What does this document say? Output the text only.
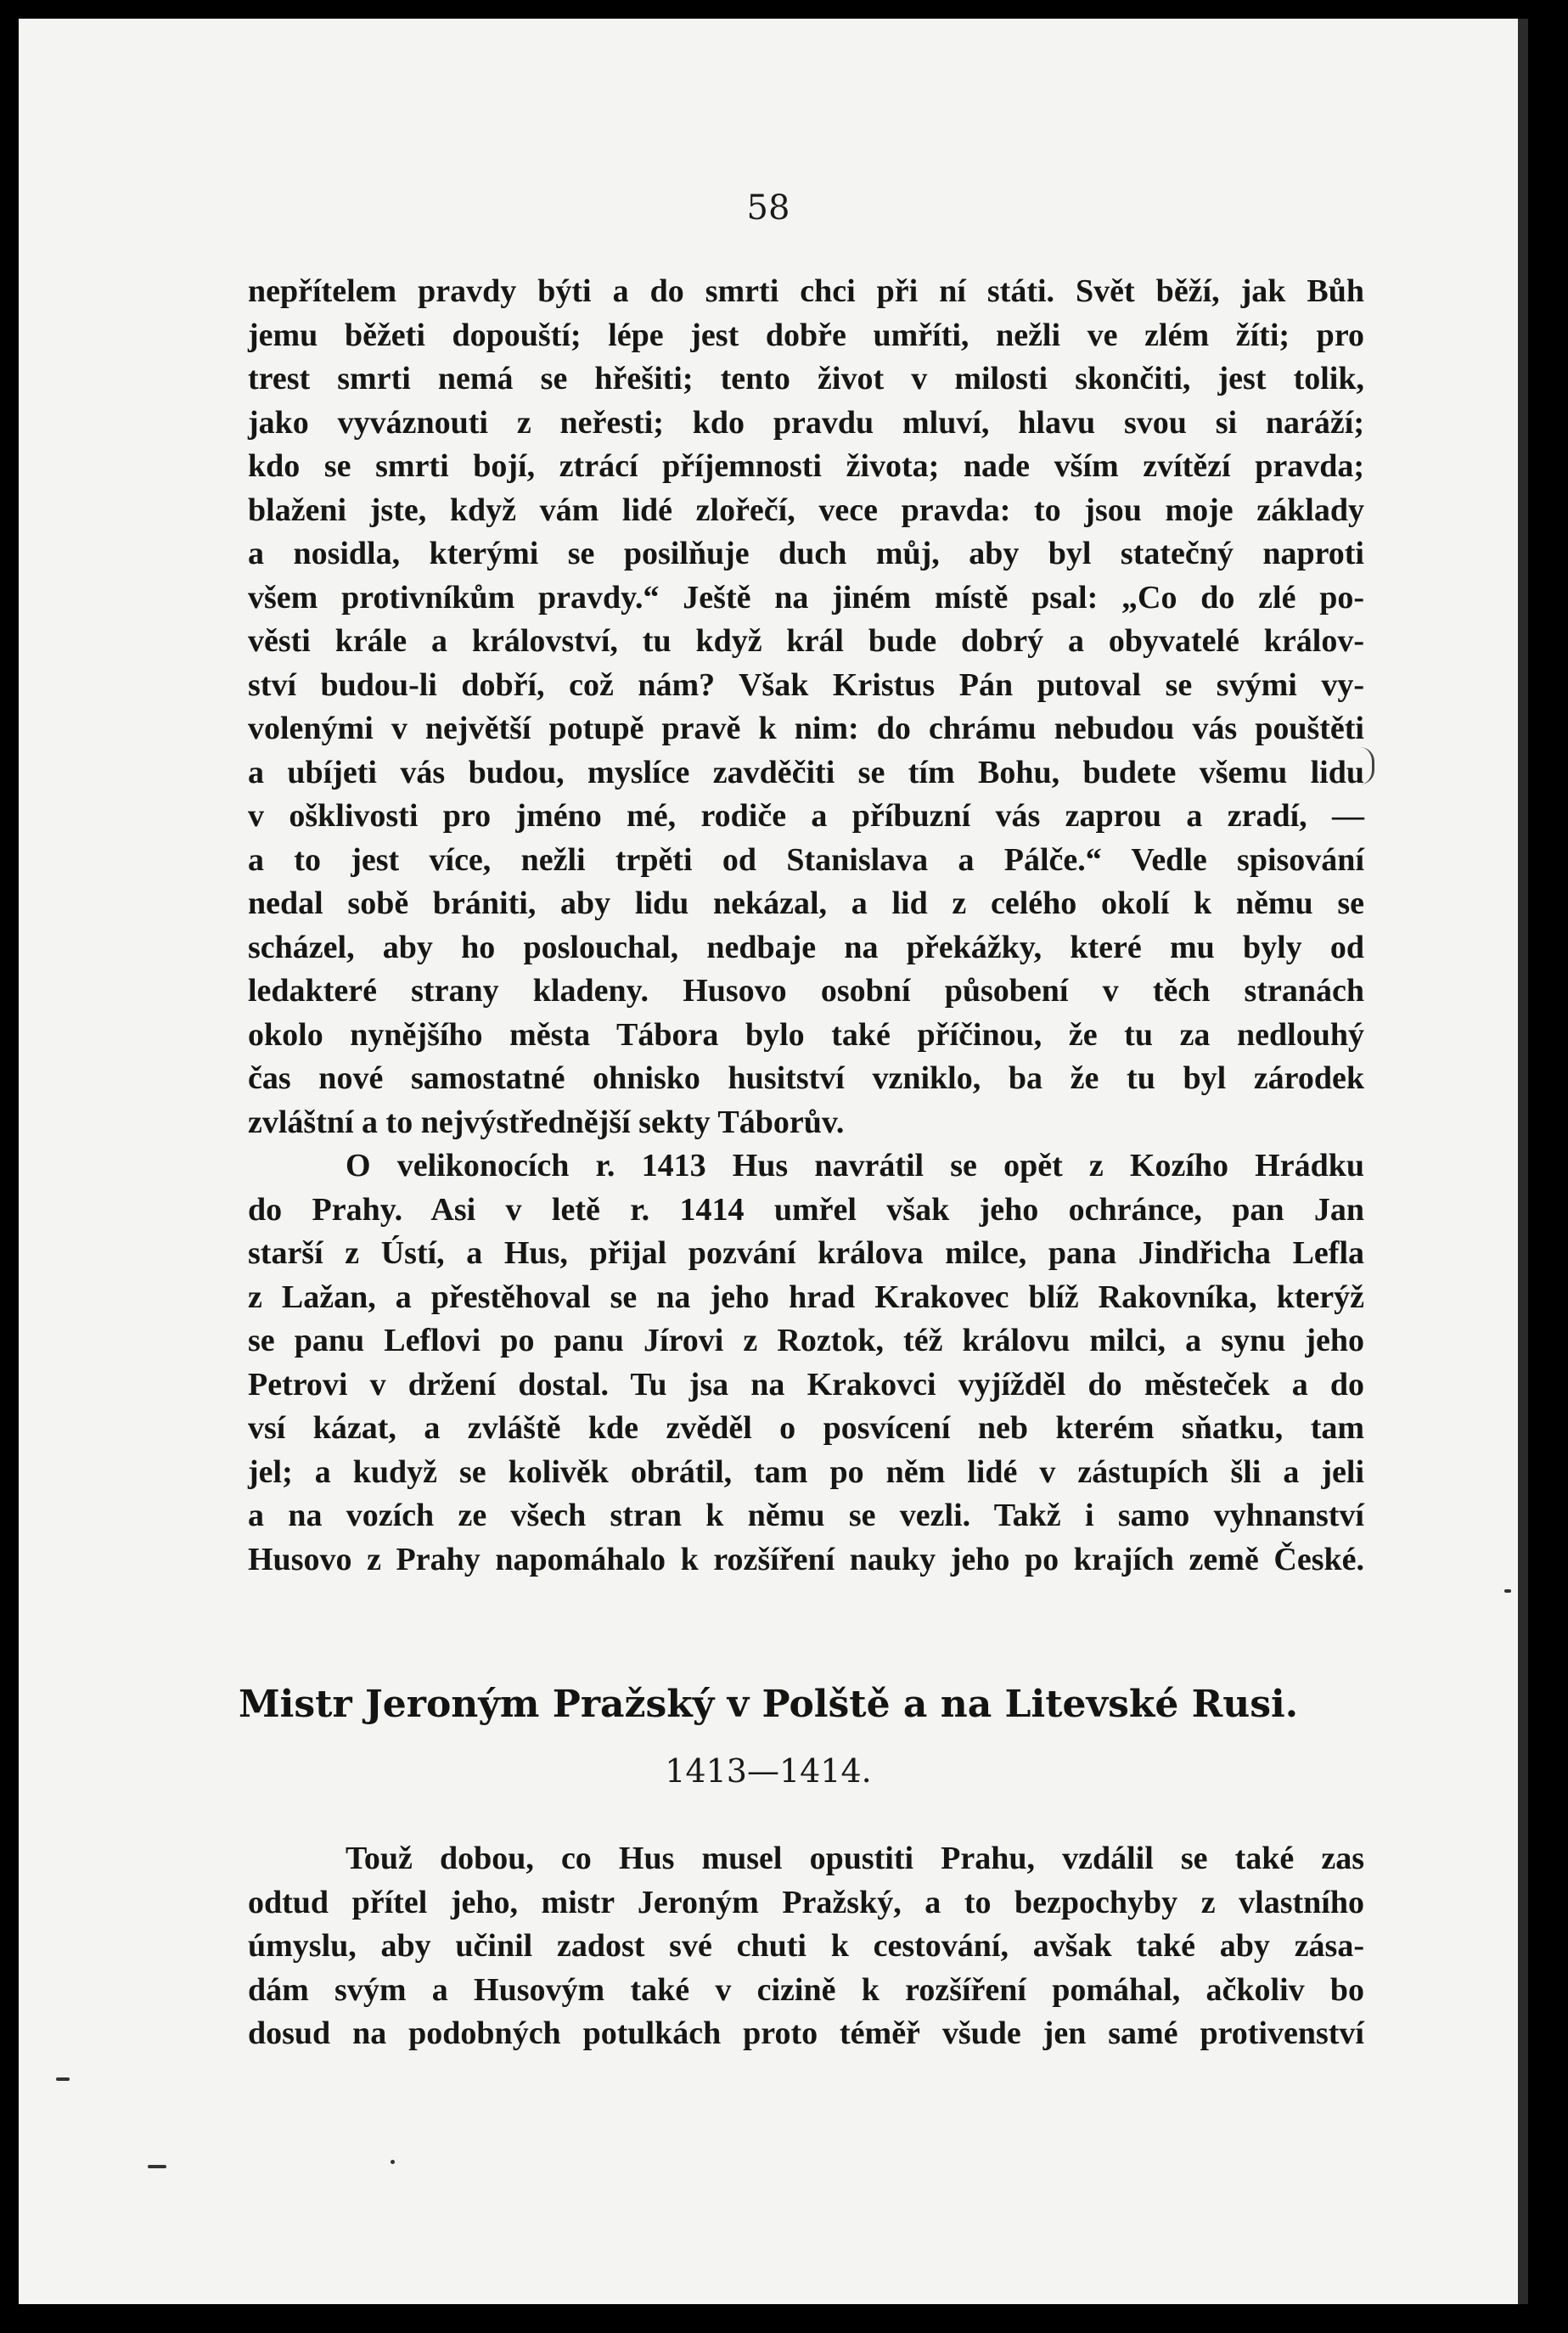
58
nepřítelem pravdy býti a do smrti chci při ní státi. Svět běží, jak Bůh
jemu běžeti dopouští; lépe jest dobře umříti, nežli ve zlém žíti; pro
trest smrti nemá se hřešiti; tento život v milosti skončiti, jest tolik,
jako vyváznouti z neřesti; kdo pravdu mluví, hlavu svou si naráží;
kdo se smrti bojí, ztrácí příjemnosti života; nade vším zvítězí pravda;
blaženi jste, když vám lidé zlořečí, vece pravda: to jsou moje základy
a nosidla, kterými se posilňuje duch můj, aby byl statečný naproti
všem protivníkům pravdy.“ Ještě na jiném místě psal: „Co do zlé po-
věsti krále a království, tu když král bude dobrý a obyvatelé králov-
ství budou-li dobří, což nám? Však Kristus Pán putoval se svými vy-
volenými v největší potupě pravě k nim: do chrámu nebudou vás pouštěti
a ubíjeti vás budou, myslíce zavděčiti se tím Bohu, budete všemu lidu
v ošklivosti pro jméno mé, rodiče a příbuzní vás zaprou a zradí, —
a to jest více, nežli trpěti od Stanislava a Pálče.“ Vedle spisování
nedal sobě brániti, aby lidu nekázal, a lid z celého okolí k němu se
scházel, aby ho poslouchal, nedbaje na překážky, které mu byly od
ledakteré strany kladeny. Husovo osobní působení v těch stranách
okolo nynějšího města Tábora bylo také příčinou, že tu za nedlouhý
čas nové samostatné ohnisko husitství vzniklo, ba že tu byl zárodek
zvláštní a to nejvýstřednější sekty Táborův.
O velikonocích r. 1413 Hus navrátil se opět z Kozího Hrádku
do Prahy. Asi v letě r. 1414 umřel však jeho ochránce, pan Jan
starší z Ústí, a Hus, přijal pozvání králova milce, pana Jindřicha Lefla
z Lažan, a přestěhoval se na jeho hrad Krakovec blíž Rakovníka, kterýž
se panu Leflovi po panu Jírovi z Roztok, též královu milci, a synu jeho
Petrovi v držení dostal. Tu jsa na Krakovci vyjížděl do městeček a do
vsí kázat, a zvláště kde zvěděl o posvícení neb kterém sňatku, tam
jel; a kudyž se kolivěk obrátil, tam po něm lidé v zástupích šli a jeli
a na vozích ze všech stran k němu se vezli. Takž i samo vyhnanství
Husovo z Prahy napomáhalo k rozšíření nauky jeho po krajích země České.
Mistr Jeroným Pražský v Polště a na Litevské Rusi.
1413—1414.
Touž dobou, co Hus musel opustiti Prahu, vzdálil se také zas
odtud přítel jeho, mistr Jeroným Pražský, a to bezpochyby z vlastního
úmyslu, aby učinil zadost své chuti k cestování, avšak také aby zása-
dám svým a Husovým také v cizině k rozšíření pomáhal, ačkoliv bo
dosud na podobných potulkách proto téměř všude jen samé protivenství
